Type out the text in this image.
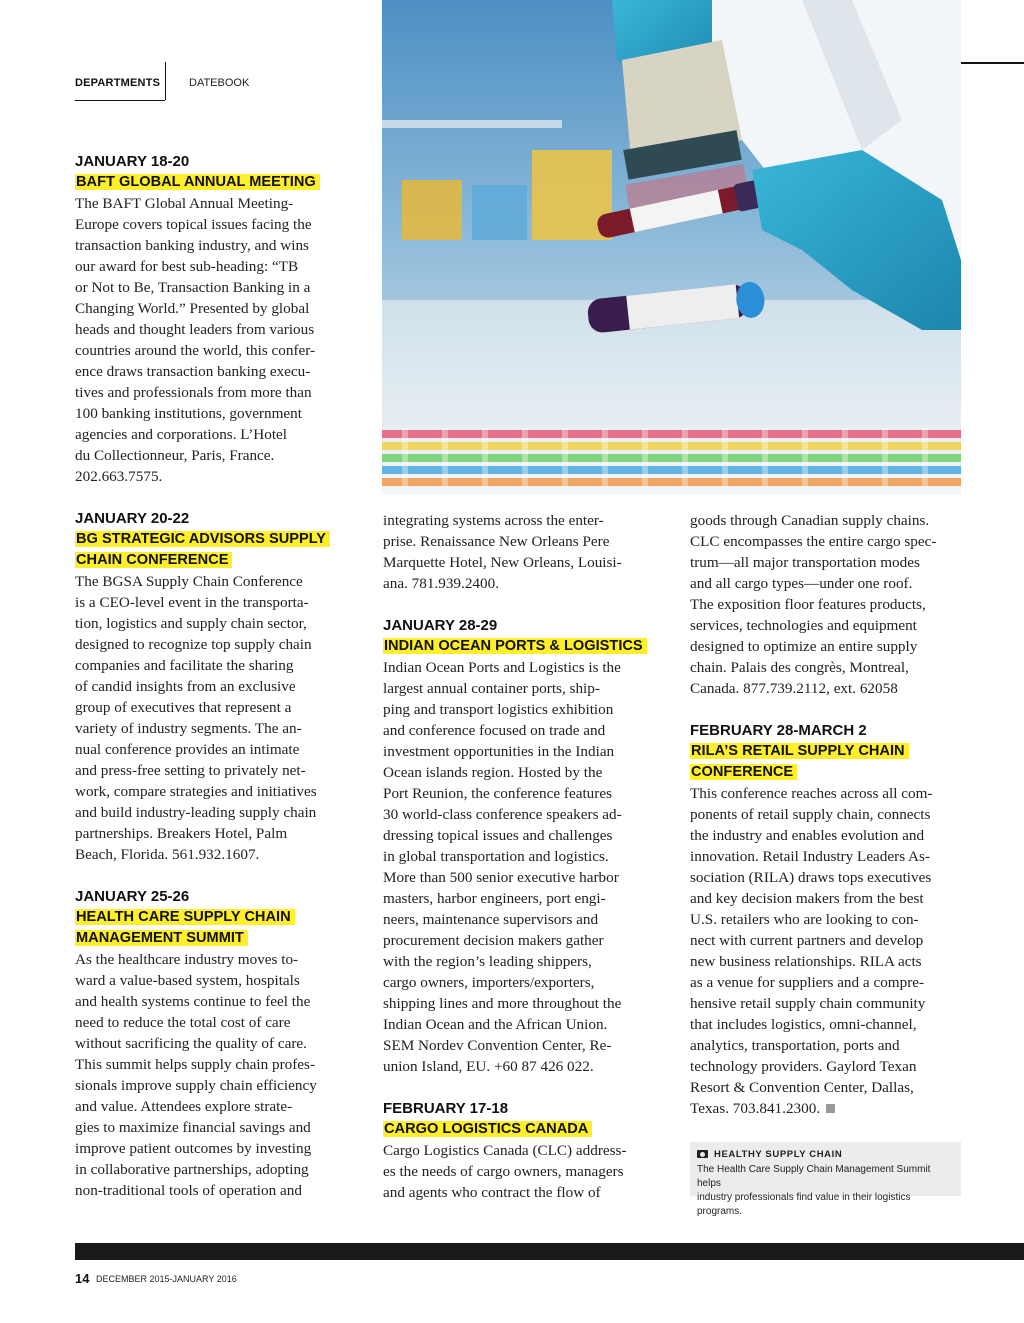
DEPARTMENTS	DATEBOOK

JANUARY 18-20

BAFT GLOBAL ANNUAL MEETING

The BAFT Global Annual Meeting-

Europe covers topical issues facing the

transaction banking industry, and wins

our award for best sub-heading: “TB

or Not to Be, Transaction Banking in a

Changing World.” Presented by global

heads and thought leaders from various

countries around the world, this confer-

ence draws transaction banking execu-

tives and professionals from more than

100 banking institutions, government

agencies and corporations. L’Hotel

du Collectionneur, Paris, France.

202.663.7575.

JANUARY 20-22

BG STRATEGIC ADVISORS SUPPLY

CHAIN CONFERENCE

The BGSA Supply Chain Conference

is a CEO-level event in the transporta-

tion, logistics and supply chain sector,

designed to recognize top supply chain

companies and facilitate the sharing

of candid insights from an exclusive

group of executives that represent a

variety of industry segments. The an-

nual conference provides an intimate

and press-free setting to privately net-

work, compare strategies and initiatives

and build industry-leading supply chain

partnerships. Breakers Hotel, Palm

Beach, Florida. 561.932.1607.

JANUARY 25-26

HEALTH CARE SUPPLY CHAIN

MANAGEMENT SUMMIT

As the healthcare industry moves to-

ward a value-based system, hospitals

and health systems continue to feel the

need to reduce the total cost of care

without sacrificing the quality of care.

This summit helps supply chain profes-

sionals improve supply chain efficiency

and value. Attendees explore strate-

gies to maximize financial savings and

improve patient outcomes by investing

in collaborative partnerships, adopting

non-traditional tools of operation and

integrating systems across the enter-

prise. Renaissance New Orleans Pere

Marquette Hotel, New Orleans, Louisi-

ana. 781.939.2400.

JANUARY 28-29

INDIAN OCEAN PORTS & LOGISTICS

Indian Ocean Ports and Logistics is the

largest annual container ports, ship-

ping and transport logistics exhibition

and conference focused on trade and

investment opportunities in the Indian

Ocean islands region. Hosted by the

Port Reunion, the conference features

30 world-class conference speakers ad-

dressing topical issues and challenges

in global transportation and logistics.

More than 500 senior executive harbor

masters, harbor engineers, port engi-

neers, maintenance supervisors and

procurement decision makers gather

with the region’s leading shippers,

cargo owners, importers/exporters,

shipping lines and more throughout the

Indian Ocean and the African Union.

SEM Nordev Convention Center, Re-

union Island, EU. +60 87 426 022.

FEBRUARY 17-18

CARGO LOGISTICS CANADA

Cargo Logistics Canada (CLC) address-

es the needs of cargo owners, managers

and agents who contract the flow of

goods through Canadian supply chains.

CLC encompasses the entire cargo spec-

trum—all major transportation modes

and all cargo types—under one roof.

The exposition floor features products,

services, technologies and equipment

designed to optimize an entire supply

chain. Palais des congrès, Montreal,

Canada. 877.739.2112, ext. 62058

FEBRUARY 28-MARCH 2

RILA’S RETAIL SUPPLY CHAIN

CONFERENCE

This conference reaches across all com-

ponents of retail supply chain, connects

the industry and enables evolution and

innovation. Retail Industry Leaders As-

sociation (RILA) draws tops executives

and key decision makers from the best

U.S. retailers who are looking to con-

nect with current partners and develop

new business relationships. RILA acts

as a venue for suppliers and a compre-

hensive retail supply chain community

that includes logistics, omni-channel,

analytics, transportation, ports and

technology providers. Gaylord Texan

Resort & Convention Center, Dallas,

Texas. 703.841.2300.

HEALTHY SUPPLY CHAIN
The Health Care Supply Chain Management Summit helps
industry professionals find value in their logistics programs.
14 DECEMBER 2015-JANUARY 2016
